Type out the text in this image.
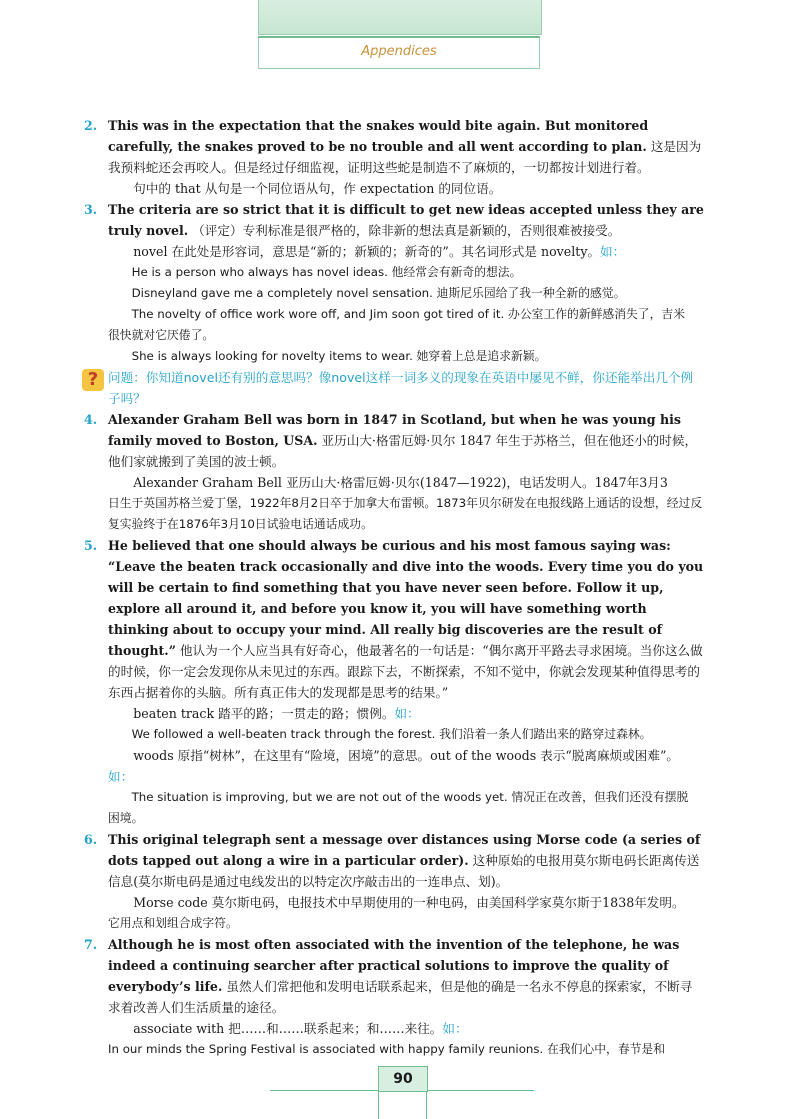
Appendices
2. This was in the expectation that the snakes would bite again. But monitored carefully, the snakes proved to be no trouble and all went according to plan. 这是因为我预料蛇还会再咬人。但是经过仔细监视，证明这些蛇是制造不了麻烦的，一切都按计划进行着。
句中的 that 从句是一个同位语从句，作 expectation 的同位语。
3. The criteria are so strict that it is difficult to get new ideas accepted unless they are truly novel. （评定）专利标准是很严格的，除非新的想法真是新颖的，否则很难被接受。
novel 在此处是形容词，意思是“新的；新颖的；新奇的”。其名词形式是 novelty。如：
He is a person who always has novel ideas. 他经常会有新奇的想法。
Disneyland gave me a completely novel sensation. 迪斯尼乐园给了我一种全新的感觉。
The novelty of office work wore off, and Jim soon got tired of it. 办公室工作的新鲜感消失了，吉米
很快就对它厌倦了。
She is always looking for novelty items to wear. 她穿着上总是追求新颖。
? 问题：你知道novel还有别的意思吗？像novel这样一词多义的现象在英语中屡见不鲜，你还能举出几个例子吗？
4. Alexander Graham Bell was born in 1847 in Scotland, but when he was young his family moved to Boston, USA. 亚历山大·格雷厄姆·贝尔 1847 年生于苏格兰，但在他还小的时候，他们家就搬到了美国的波士顿。
Alexander Graham Bell 亚历山大·格雷厄姆·贝尔(1847—1922)，电话发明人。1847年3月3
日生于英国苏格兰爱丁堡，1922年8月2日卒于加拿大布雷顿。1873年贝尔研发在电报线路上通话的设想，经过反复实验终于在1876年3月10日试验电话通话成功。
5. He believed that one should always be curious and his most famous saying was: “Leave the beaten track occasionally and dive into the woods. Every time you do you will be certain to find something that you have never seen before. Follow it up, explore all around it, and before you know it, you will have something worth thinking about to occupy your mind. All really big discoveries are the result of thought.” 他认为一个人应当具有好奇心，他最著名的一句话是：“偶尔离开平路去寻求困境。当你这么做的时候，你一定会发现你从未见过的东西。跟踪下去，不断探索，不知不觉中，你就会发现某种值得思考的东西占据着你的头脑。所有真正伟大的发现都是思考的结果。”
beaten track 踏平的路；一贯走的路；惯例。如：
We followed a well-beaten track through the forest. 我们沿着一条人们踏出来的路穿过森林。
woods 原指“树林”，在这里有“险境，困境”的意思。out of the woods 表示“脱离麻烦或困难”。如：
The situation is improving, but we are not out of the woods yet. 情况正在改善，但我们还没有摆脱
困境。
6. This original telegraph sent a message over distances using Morse code (a series of dots tapped out along a wire in a particular order). 这种原始的电报用莫尔斯电码长距离传送信息(莫尔斯电码是通过电线发出的以特定次序敲击出的一连串点、划)。
Morse code 莫尔斯电码，电报技术中早期使用的一种电码，由美国科学家莫尔斯于1838年发明。
它用点和划组合成字符。
7. Although he is most often associated with the invention of the telephone, he was indeed a continuing searcher after practical solutions to improve the quality of everybody’s life. 虽然人们常把他和发明电话联系起来，但是他的确是一名永不停息的探索家，不断寻求着改善人们生活质量的途径。
associate with 把……和……联系起来；和……来往。如：
In our minds the Spring Festival is associated with happy family reunions. 在我们心中，春节是和
90
